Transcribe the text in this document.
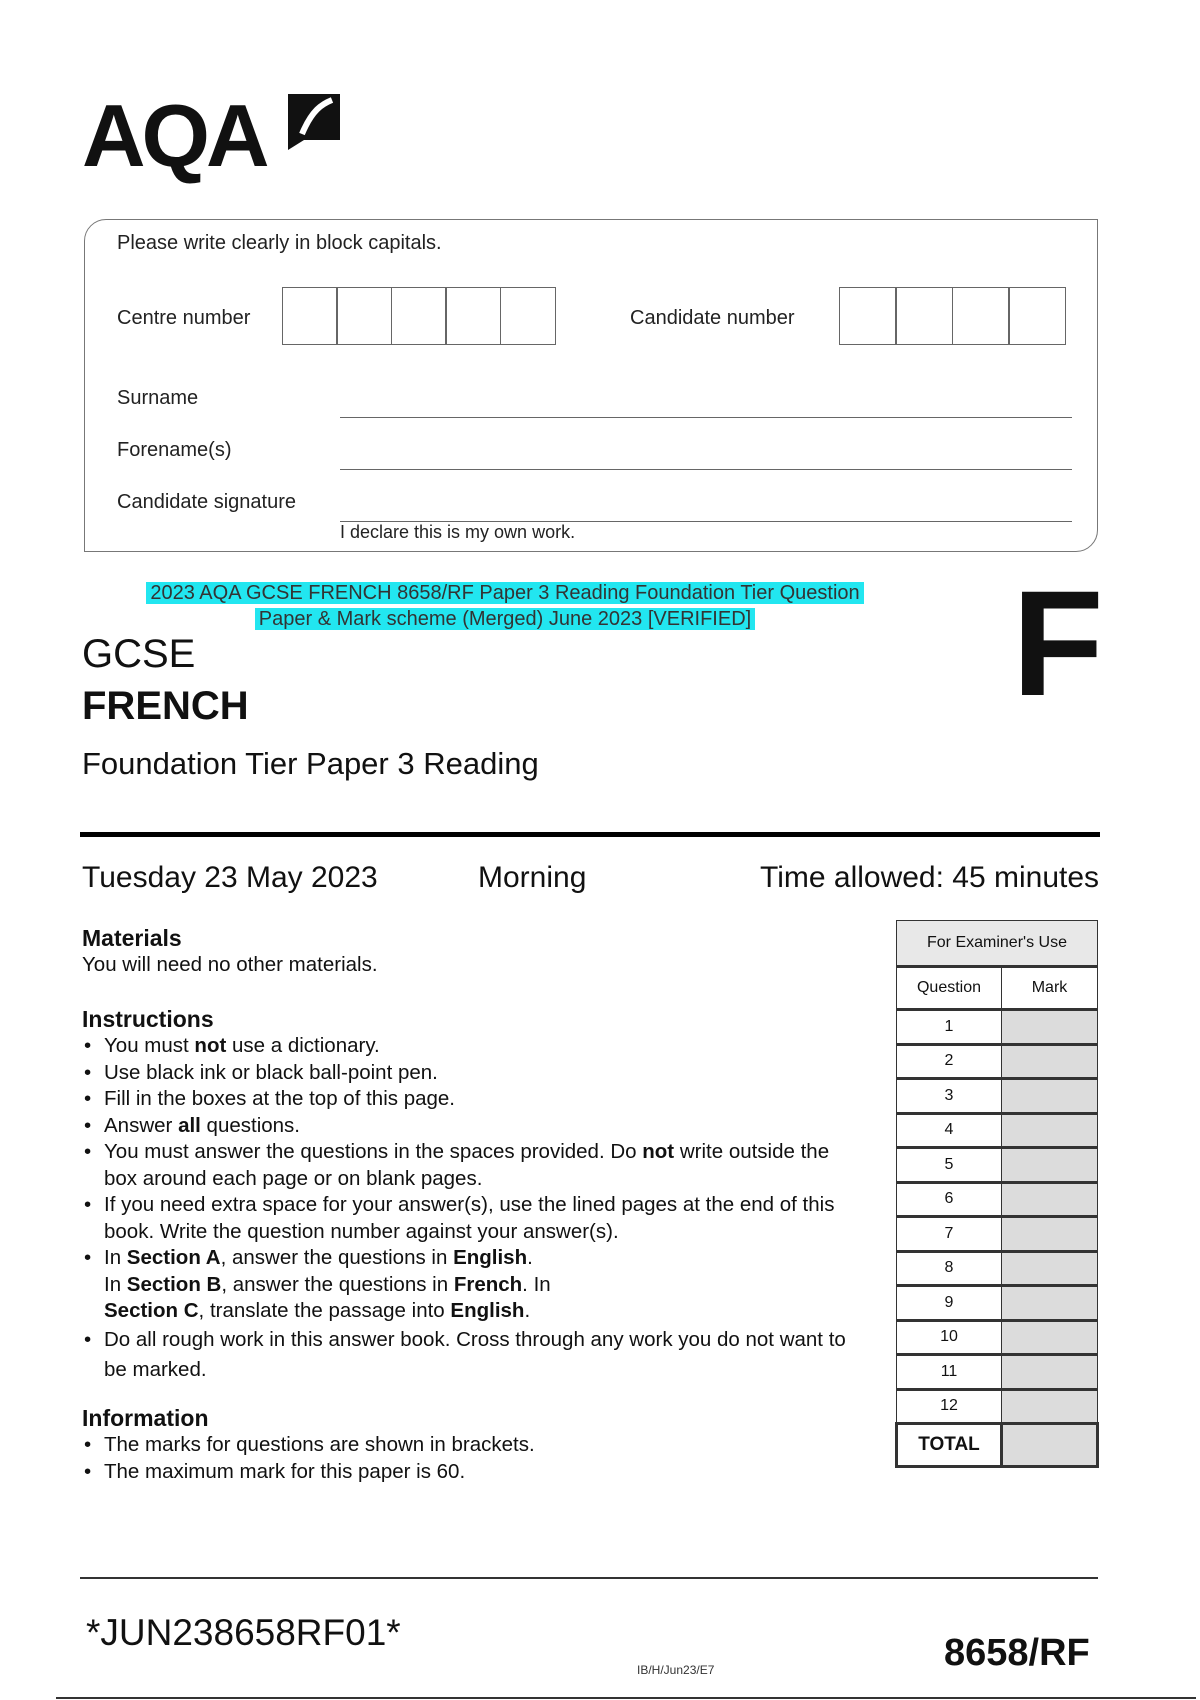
AQA
Please write clearly in block capitals.
Centre number	Candidate number
Surname
Forename(s)
Candidate signature
I declare this is my own work.
2023 AQA GCSE FRENCH 8658/RF Paper 3 Reading Foundation Tier Question
Paper & Mark scheme (Merged) June 2023 [VERIFIED]	F
GCSE
FRENCH
Foundation Tier Paper 3 Reading
Tuesday 23 May 2023	Morning	Time allowed: 45 minutes
Materials
You will need no other materials.
Instructions
• You must not use a dictionary.
• Use black ink or black ball-point pen.
• Fill in the boxes at the top of this page.
• Answer all questions.
• You must answer the questions in the spaces provided. Do not write outside the box around each page or on blank pages.
• If you need extra space for your answer(s), use the lined pages at the end of this book. Write the question number against your answer(s).
• In Section A, answer the questions in English.
In Section B, answer the questions in French. In
Section C, translate the passage into English.
• Do all rough work in this answer book. Cross through any work you do not want to be marked.
Information
• The marks for questions are shown in brackets.
• The maximum mark for this paper is 60.
For Examiner's Use	
Question	Mark
1	
2	
3	
4	
5	
6	
7	
8	
9	
10	
11	
12	
TOTAL	
*JUN238658RF01*
IB/H/Jun23/E7	8658/RF
